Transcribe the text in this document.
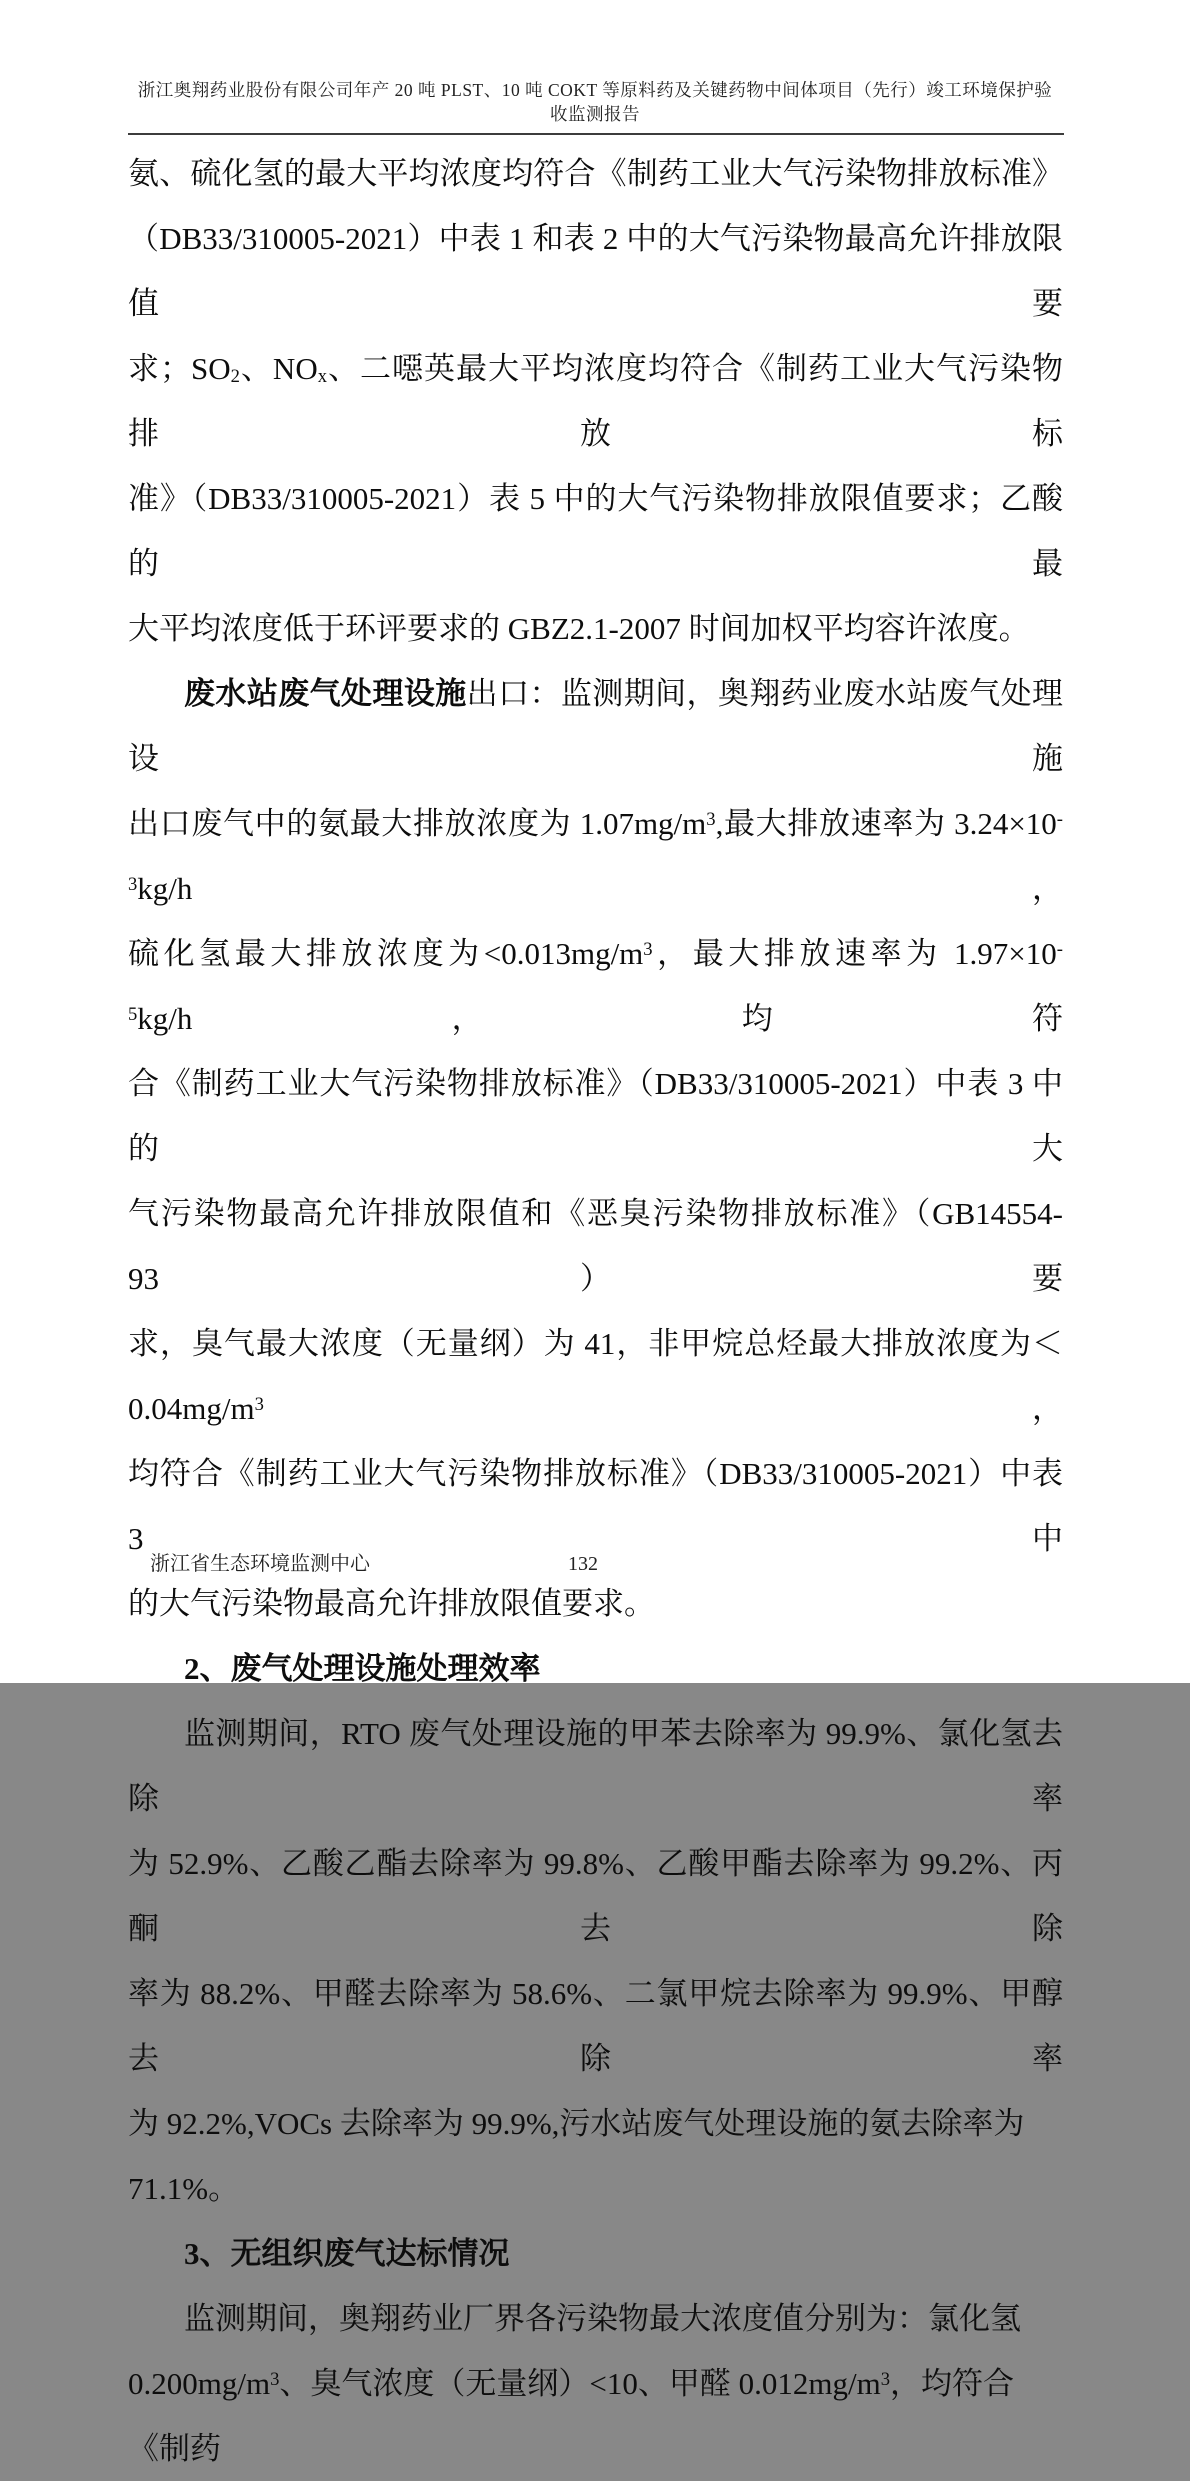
浙江奥翔药业股份有限公司年产 20 吨 PLST、10 吨 COKT 等原料药及关键药物中间体项目（先行）竣工环境保护验
收监测报告
氨、硫化氢的最大平均浓度均符合《制药工业大气污染物排放标准》
（DB33/310005-2021）中表 1 和表 2 中的大气污染物最高允许排放限值要
求；SO2、NOx、二噁英最大平均浓度均符合《制药工业大气污染物排放标
准》（DB33/310005-2021）表 5 中的大气污染物排放限值要求；乙酸的最
大平均浓度低于环评要求的 GBZ2.1-2007 时间加权平均容许浓度。
废水站废气处理设施出口：监测期间，奥翔药业废水站废气处理设施
出口废气中的氨最大排放浓度为 $1.07mg/m^3$,最大排放速率为 $3.24\times 10^{-3}kg/h$，
硫化氢最大排放浓度为$<0.013mg/m^3$，最大排放速率为 $1.97\times 10^{-5}kg/h$，均符
合《制药工业大气污染物排放标准》（DB33/310005-2021）中表 3 中的大
气污染物最高允许排放限值和《恶臭污染物排放标准》（GB14554-93）要
求，臭气最大浓度（无量纲）为 41，非甲烷总烃最大排放浓度为$<0.04mg/m^3$，
均符合《制药工业大气污染物排放标准》（DB33/310005-2021）中表 3 中
的大气污染物最高允许排放限值要求。
2、废气处理设施处理效率
监测期间，RTO 废气处理设施的甲苯去除率为 99.9%、氯化氢去除率
为 52.9%、乙酸乙酯去除率为 99.8%、乙酸甲酯去除率为 99.2%、丙酮去除
率为 88.2%、甲醛去除率为 58.6%、二氯甲烷去除率为 99.9%、甲醇去除率
为 92.2%,VOCs 去除率为 99.9%,污水站废气处理设施的氨去除率为 71.1%。
3、无组织废气达标情况
监测期间，奥翔药业厂界各污染物最大浓度值分别为：氯化氢
$0.200mg/m^3$、臭气浓度（无量纲）<10、甲醛 $0.012mg/m^3$，均符合《制药
浙江省生态环境监测中心	132
